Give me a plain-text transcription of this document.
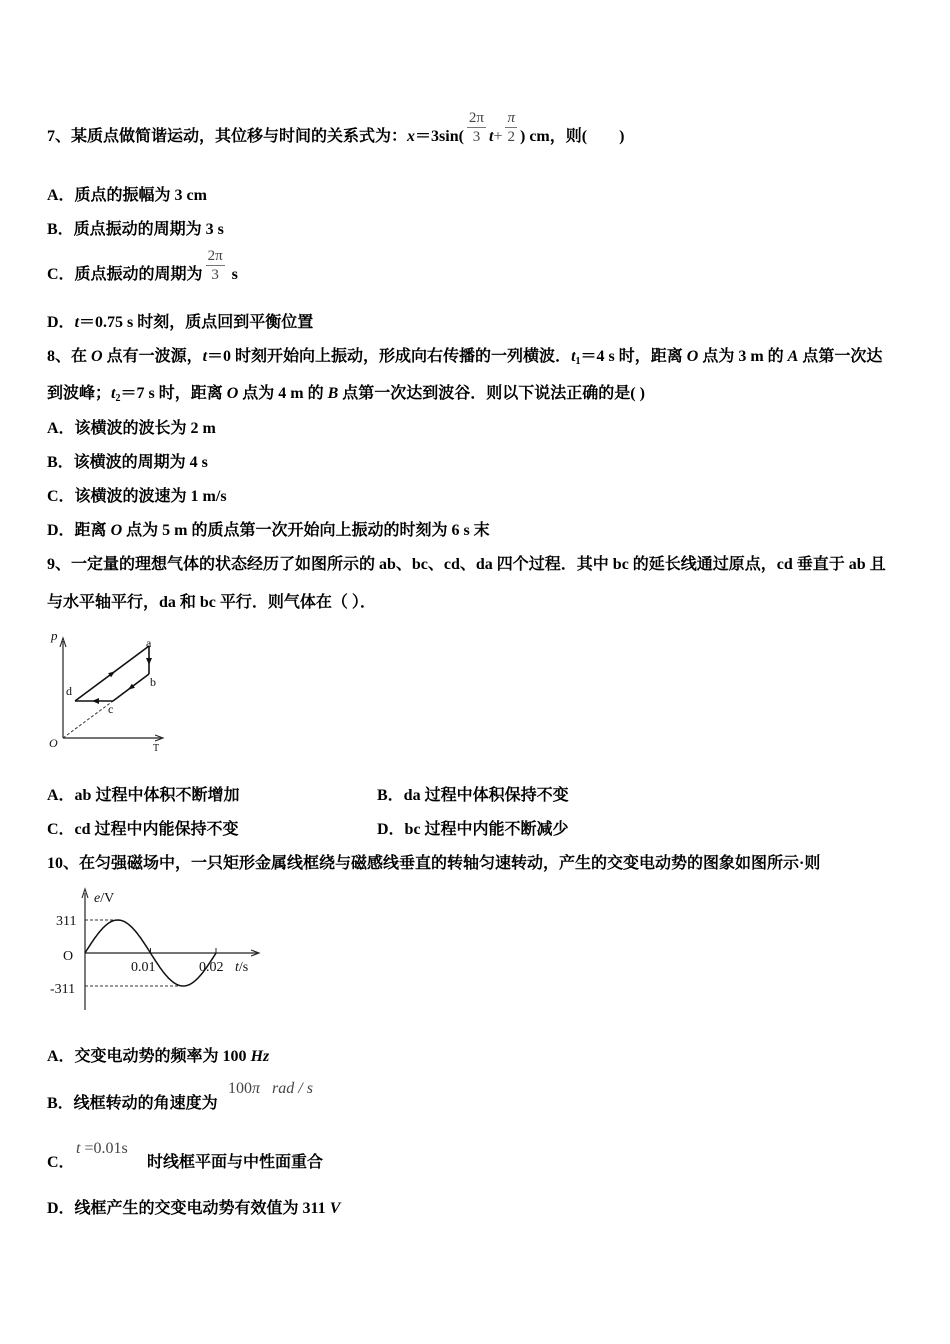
7、某质点做简谐运动，其位移与时间的关系式为：$x=3\sin( \frac{2\pi}{3} t+ \frac{\pi}{2}$ ) cm，则(　　)
A．质点的振幅为 3 cm
B．质点振动的周期为 3 s
C．质点振动的周期为 $\frac{2\pi}{3}$ s
D．t＝0.75 s 时刻，质点回到平衡位置
8、在 O 点有一波源，t＝0 时刻开始向上振动，形成向右传播的一列横波．$t_1=4$ s 时，距离 O 点为 3 m 的 A 点第一次达
到波峰；$t_2=7$ s 时，距离 O 点为 4 m 的 B 点第一次达到波谷．则以下说法正确的是( )
A．该横波的波长为 2 m
B．该横波的周期为 4 s
C．该横波的波速为 1 m/s
D．距离 O 点为 5 m 的质点第一次开始向上振动的时刻为 6 s 末
9、一定量的理想气体的状态经历了如图所示的 ab、bc、cd、da 四个过程．其中 bc 的延长线通过原点，cd 垂直于 ab 且
与水平轴平行，da 和 bc 平行．则气体在（ ）．
p
O	T
a
b
c
d
A．ab 过程中体积不断增加	B．da 过程中体积保持不变
C．cd 过程中内能保持不变	D．bc 过程中内能不断减少
10、在匀强磁场中，一只矩形金属线框绕与磁感线垂直的转轴匀速转动，产生的交变电动势的图象如图所示·则
e/V
311
O
0.01	0.02 t/s
-311
A．交变电动势的频率为 100 Hz
B．线框转动的角速度为
100π rad / s
C．
t =0.01s
时线框平面与中性面重合
D．线框产生的交变电动势有效值为 311 V
